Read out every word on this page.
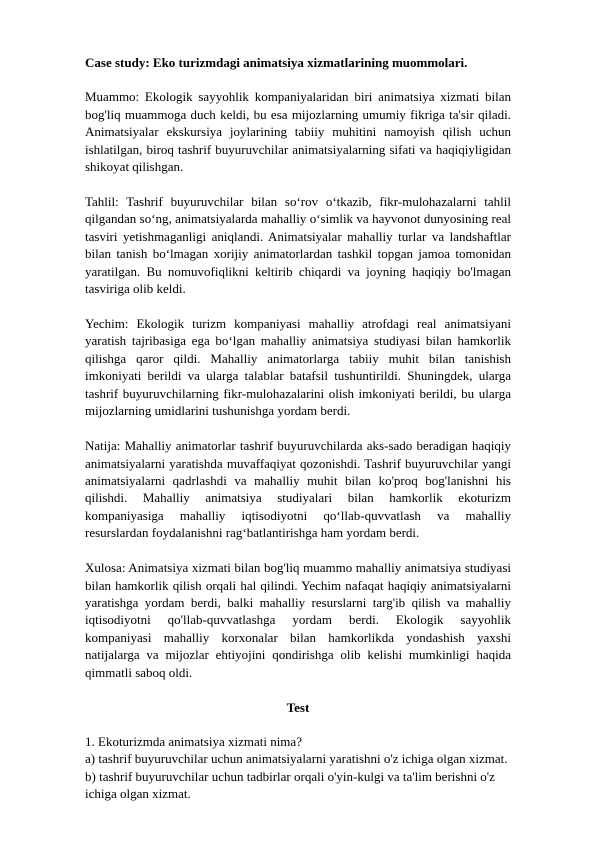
Case study: Eko turizmdagi animatsiya xizmatlarining muommolari.

Muammo: Ekologik sayyohlik kompaniyalaridan biri animatsiya xizmati bilan bog'liq muammoga duch keldi, bu esa mijozlarning umumiy fikriga ta'sir qiladi. Animatsiyalar ekskursiya joylarining tabiiy muhitini namoyish qilish uchun ishlatilgan, biroq tashrif buyuruvchilar animatsiyalarning sifati va haqiqiyligidan shikoyat qilishgan.

Tahlil: Tashrif buyuruvchilar bilan so‘rov o‘tkazib, fikr-mulohazalarni tahlil qilgandan so‘ng, animatsiyalarda mahalliy o‘simlik va hayvonot dunyosining real tasviri yetishmaganligi aniqlandi. Animatsiyalar mahalliy turlar va landshaftlar bilan tanish bo‘lmagan xorijiy animatorlardan tashkil topgan jamoa tomonidan yaratilgan. Bu nomuvofiqlikni keltirib chiqardi va joyning haqiqiy bo'lmagan tasviriga olib keldi.

Yechim: Ekologik turizm kompaniyasi mahalliy atrofdagi real animatsiyani yaratish tajribasiga ega bo‘lgan mahalliy animatsiya studiyasi bilan hamkorlik qilishga qaror qildi. Mahalliy animatorlarga tabiiy muhit bilan tanishish imkoniyati berildi va ularga talablar batafsil tushuntirildi. Shuningdek, ularga tashrif buyuruvchilarning fikr-mulohazalarini olish imkoniyati berildi, bu ularga mijozlarning umidlarini tushunishga yordam berdi.

Natija: Mahalliy animatorlar tashrif buyuruvchilarda aks-sado beradigan haqiqiy animatsiyalarni yaratishda muvaffaqiyat qozonishdi. Tashrif buyuruvchilar yangi animatsiyalarni qadrlashdi va mahalliy muhit bilan ko'proq bog'lanishni his qilishdi. Mahalliy animatsiya studiyalari bilan hamkorlik ekoturizm kompaniyasiga mahalliy iqtisodiyotni qo‘llab-quvvatlash va mahalliy resurslardan foydalanishni rag‘batlantirishga ham yordam berdi.

Xulosa: Animatsiya xizmati bilan bog'liq muammo mahalliy animatsiya studiyasi bilan hamkorlik qilish orqali hal qilindi. Yechim nafaqat haqiqiy animatsiyalarni yaratishga yordam berdi, balki mahalliy resurslarni targ'ib qilish va mahalliy iqtisodiyotni qo'llab-quvvatlashga yordam berdi. Ekologik sayyohlik kompaniyasi mahalliy korxonalar bilan hamkorlikda yondashish yaxshi natijalarga va mijozlar ehtiyojini qondirishga olib kelishi mumkinligi haqida qimmatli saboq oldi.

Test

1. Ekoturizmda animatsiya xizmati nima?

a) tashrif buyuruvchilar uchun animatsiyalarni yaratishni o'z ichiga olgan xizmat.

b) tashrif buyuruvchilar uchun tadbirlar orqali o'yin-kulgi va ta'lim berishni o'z

ichiga olgan xizmat.
